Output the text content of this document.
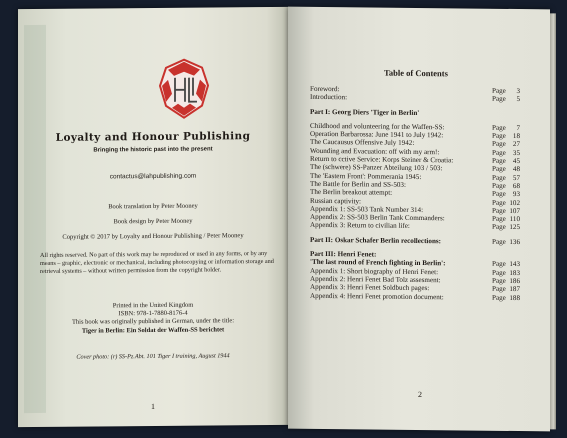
Loyalty and Honour Publishing
Bringing the historic past into the present
contactus@lahpublishing.com
Book translation by Peter Mooney
Book design by Peter Mooney
Copyright © 2017 by Loyalty and Honour Publishing / Peter Mooney
All rights reserved. No part of this work may be reproduced or used in any forms, or by any means – graphic, electronic or mechanical, including photocopying or information storage and retrieval systems – without written permission from the copyright holder.
Printed in the United Kingdom
ISBN: 978-1-7880-8176-4
This book was originally published in German, under the title:
Tiger in Berlin: Ein Soldat der Waffen-SS berichtet
Cover photo: (r) SS-Pz.Abt. 101 Tiger I training, August 1944
1
Table of Contents
Foreword:	Page 3
Introduction:	Page 5
Part I: Georg Diers 'Tiger in Berlin'
Childhood and volunteering for the Waffen-SS:	Page 7
Operation Barbarossa: June 1941 to July 1942:	Page 18
The Caucausus Offensive July 1942:	Page 27
Wounding and Evacuation: off with my arm!:	Page 35
Return to cctive Service: Korps Steiner & Croatia:	Page 45
The (schwere) SS-Panzer Abteilung 103 / 503:	Page 48
The 'Eastern Front': Pommerania 1945:	Page 57
The Battle for Berlin and SS-503:	Page 68
The Berlin breakout attempt:	Page 93
Russian captivity:	Page 102
Appendix 1: SS-503 Tank Number 314:	Page 107
Appendix 2: SS-503 Berlin Tank Commanders:	Page 110
Appendix 3: Return to civilian life:	Page 125
Part II: Oskar Schafer Berlin recollections:	Page 136
Part III: Henri Fenet:
'The last round of French fighting in Berlin':	Page 143
Appendix 1: Short biography of Henri Fenet:	Page 183
Appendix 2: Henri Fenet Bad Tolz assesment:	Page 186
Appendix 3: Henri Fenet Soldbuch pages:	Page 187
Appendix 4: Henri Fenet promotion document:	Page 188
2
